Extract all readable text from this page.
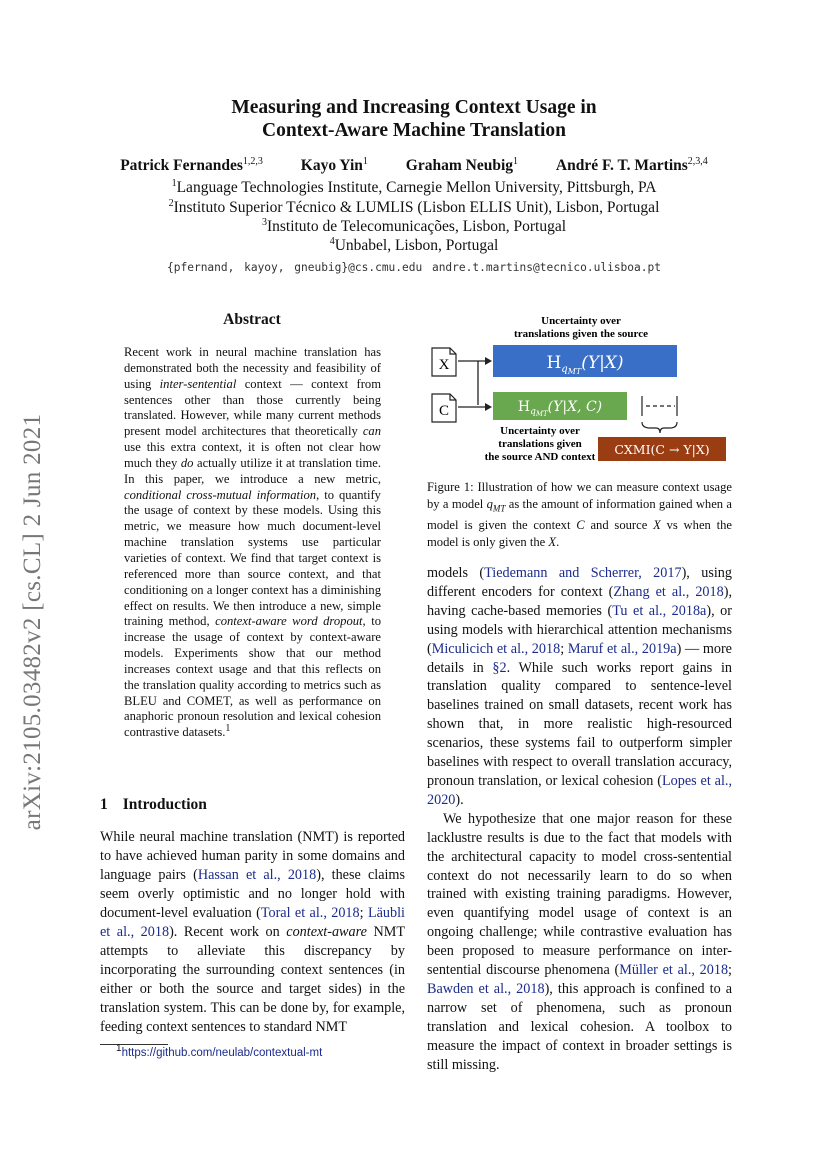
arXiv:2105.03482v2 [cs.CL] 2 Jun 2021
Measuring and Increasing Context Usage in
Context-Aware Machine Translation
Patrick Fernandes$^{1,2,3}$ Kayo Yin$^1$ Graham Neubig$^1$ André F. T. Martins$^{2,3,4}$
$^1$Language Technologies Institute, Carnegie Mellon University, Pittsburgh, PA
$^2$Instituto Superior Técnico & LUMLIS (Lisbon ELLIS Unit), Lisbon, Portugal
$^3$Instituto de Telecomunicações, Lisbon, Portugal
$^4$Unbabel, Lisbon, Portugal
{pfernand, kayoy, gneubig}@cs.cmu.edu andre.t.martins@tecnico.ulisboa.pt
Abstract
Recent work in neural machine translation has demonstrated both the necessity and feasibility of using inter-sentential context — context from sentences other than those currently being translated. However, while many current methods present model architectures that theoretically can use this extra context, it is often not clear how much they do actually utilize it at translation time. In this paper, we introduce a new metric, conditional cross-mutual information, to quantify the usage of context by these models. Using this metric, we measure how much document-level machine translation systems use particular varieties of context. We find that target context is referenced more than source context, and that conditioning on a longer context has a diminishing effect on results. We then introduce a new, simple training method, context-aware word dropout, to increase the usage of context by context-aware models. Experiments show that our method increases context usage and that this reflects on the translation quality according to metrics such as BLEU and COMET, as well as performance on anaphoric pronoun resolution and lexical cohesion contrastive datasets.$^1$
1 Introduction
While neural machine translation (NMT) is reported to have achieved human parity in some domains and language pairs (Hassan et al., 2018), these claims seem overly optimistic and no longer hold with document-level evaluation (Toral et al., 2018; Läubli et al., 2018). Recent work on context-aware NMT attempts to alleviate this discrepancy by incorporating the surrounding context sentences (in either or both the source and target sides) in the translation system. This can be done by, for example, feeding context sentences to standard NMT
$^1$https://github.com/neulab/contextual-mt
Uncertainty over
translations given the source
X
C
$H_qMT(Y|X)$
$H_qMT(Y|X$, C)
Uncertainty over
translations given
the source AND context CXMI(C → Y|X)
Figure 1: Illustration of how we can measure context usage by a model $q_{MT}$ as the amount of information gained when a model is given the context C and source X vs when the model is only given the X.

models (Tiedemann and Scherrer, 2017), using different encoders for context (Zhang et al., 2018), having cache-based memories (Tu et al., 2018a), or using models with hierarchical attention mechanisms (Miculicich et al., 2018; Maruf et al., 2019a) — more details in §2. While such works report gains in translation quality compared to sentence-level baselines trained on small datasets, recent work has shown that, in more realistic high-resourced scenarios, these systems fail to outperform simpler baselines with respect to overall translation accuracy, pronoun translation, or lexical cohesion (Lopes et al., 2020).

We hypothesize that one major reason for these lacklustre results is due to the fact that models with the architectural capacity to model cross-sentential context do not necessarily learn to do so when trained with existing training paradigms. However, even quantifying model usage of context is an ongoing challenge; while contrastive evaluation has been proposed to measure performance on inter-sentential discourse phenomena (Müller et al., 2018; Bawden et al., 2018), this approach is confined to a narrow set of phenomena, such as pronoun translation and lexical cohesion. A toolbox to measure the impact of context in broader settings is still missing.
